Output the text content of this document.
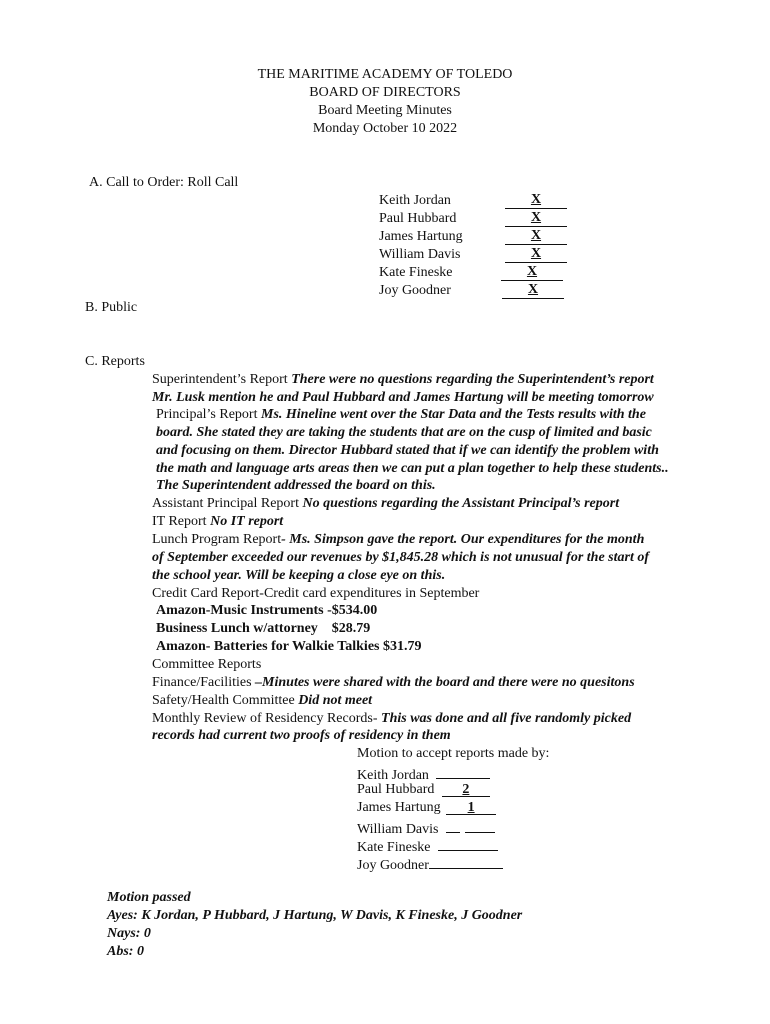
THE MARITIME ACADEMY OF TOLEDO
BOARD OF DIRECTORS
Board Meeting Minutes
Monday October 10 2022
A. Call to Order: Roll Call
Keith Jordan	X
Paul Hubbard	X
James Hartung	X
William Davis	X
Kate Fineske	X
Joy Goodner	X
B. Public
C. Reports
Superintendent’s Report There were no questions regarding the Superintendent’s report
Mr. Lusk mention he and Paul Hubbard and James Hartung will be meeting tomorrow
Principal’s Report Ms. Hineline went over the Star Data and the Tests results with the
board. She stated they are taking the students that are on the cusp of limited and basic
and focusing on them. Director Hubbard stated that if we can identify the problem with
the math and language arts areas then we can put a plan together to help these students..
The Superintendent addressed the board on this.
Assistant Principal Report No questions regarding the Assistant Principal’s report
IT Report No IT report
Lunch Program Report- Ms. Simpson gave the report. Our expenditures for the month
of September exceeded our revenues by $1,845.28 which is not unusual for the start of
the school year. Will be keeping a close eye on this.
Credit Card Report-Credit card expenditures in September
Amazon-Music Instruments -$534.00
Business Lunch w/attorney    $28.79
Amazon- Batteries for Walkie Talkies $31.79
Committee Reports
Finance/Facilities –Minutes were shared with the board and there were no quesitons
Safety/Health Committee Did not meet
Monthly Review of Residency Records- This was done and all five randomly picked
records had current two proofs of residency in them
Motion to accept reports made by:
Keith Jordan
Paul Hubbard 2
James Hartung 1
William Davis
Kate Fineske
Joy Goodner
Motion passed
Ayes: K Jordan, P Hubbard, J Hartung, W Davis, K Fineske, J Goodner
Nays: 0
Abs: 0
